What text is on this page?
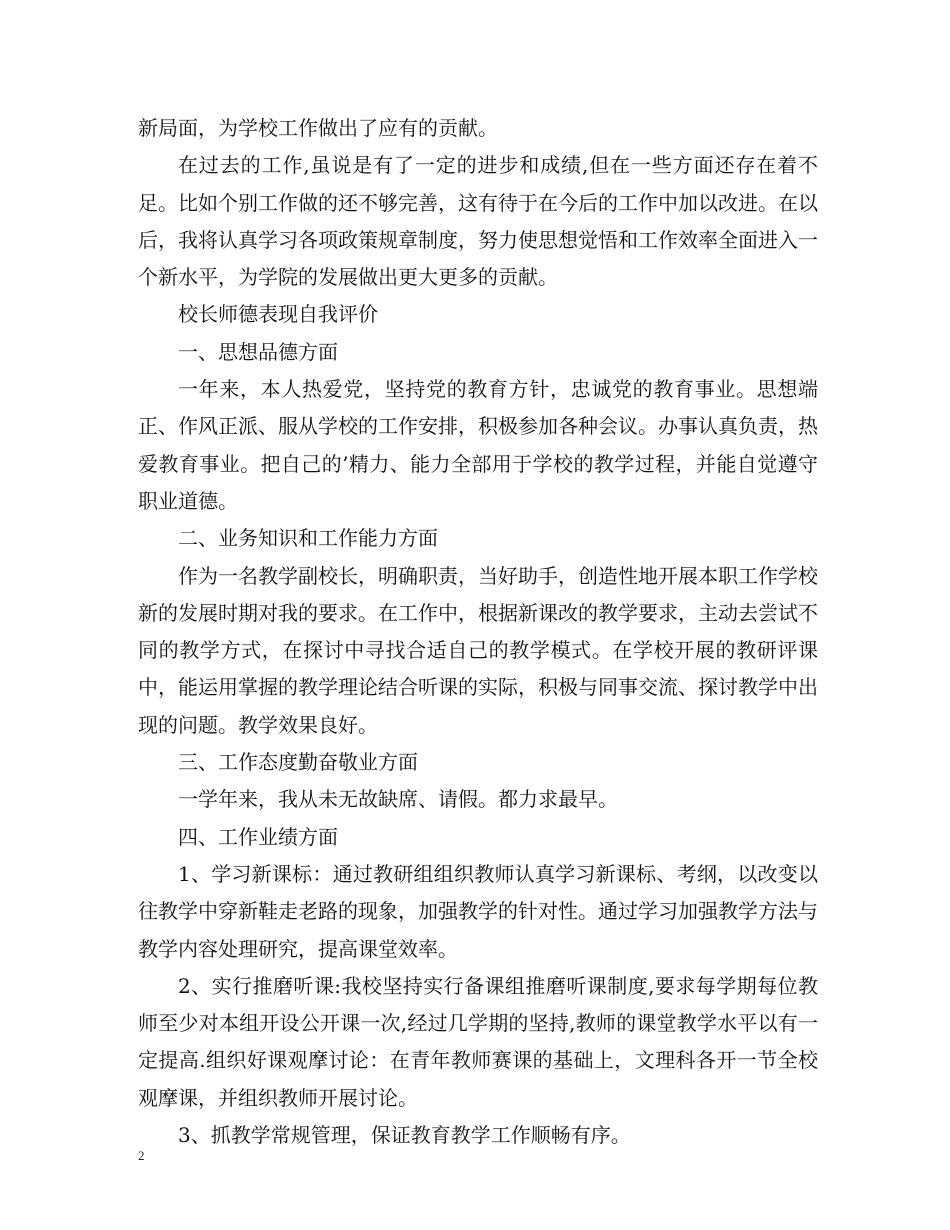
新局面，为学校工作做出了应有的贡献。

在过去的工作,虽说是有了一定的进步和成绩,但在一些方面还存在着不足。比如个别工作做的还不够完善，这有待于在今后的工作中加以改进。在以后，我将认真学习各项政策规章制度，努力使思想觉悟和工作效率全面进入一个新水平，为学院的发展做出更大更多的贡献。

校长师德表现自我评价

一、思想品德方面

一年来，本人热爱党，坚持党的教育方针，忠诚党的教育事业。思想端正、作风正派、服从学校的工作安排，积极参加各种会议。办事认真负责，热爱教育事业。把自己的’精力、能力全部用于学校的教学过程，并能自觉遵守职业道德。

二、业务知识和工作能力方面

作为一名教学副校长，明确职责，当好助手，创造性地开展本职工作学校新的发展时期对我的要求。在工作中，根据新课改的教学要求，主动去尝试不同的教学方式，在探讨中寻找合适自己的教学模式。在学校开展的教研评课中，能运用掌握的教学理论结合听课的实际，积极与同事交流、探讨教学中出现的问题。教学效果良好。

三、工作态度勤奋敬业方面

一学年来，我从未无故缺席、请假。都力求最早。

四、工作业绩方面

1、学习新课标：通过教研组组织教师认真学习新课标、考纲，以改变以往教学中穿新鞋走老路的现象，加强教学的针对性。通过学习加强教学方法与教学内容处理研究，提高课堂效率。

2、实行推磨听课:我校坚持实行备课组推磨听课制度,要求每学期每位教师至少对本组开设公开课一次,经过几学期的坚持,教师的课堂教学水平以有一定提高.组织好课观摩讨论：在青年教师赛课的基础上，文理科各开一节全校观摩课，并组织教师开展讨论。

3、抓教学常规管理，保证教育教学工作顺畅有序。

2
